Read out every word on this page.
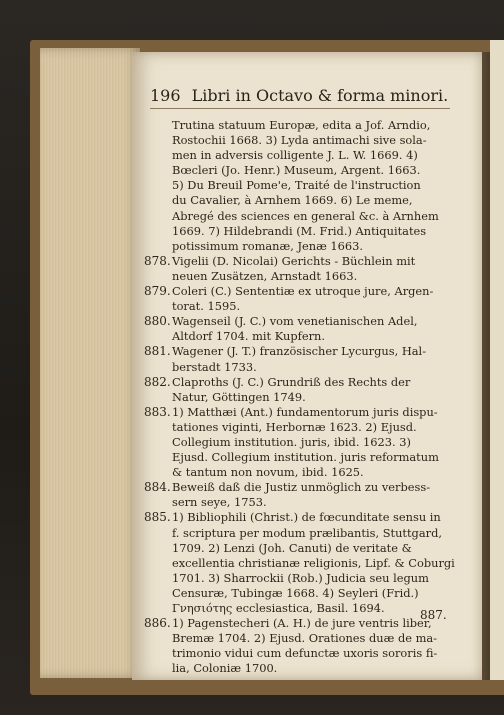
196 Libri in Octavo & forma minori.
Trutina statuum Europæ, edita a Jof. Arndio,
Rostochii 1668. 3) Lyda antimachi sive sola-
men in adversis colligente J. L. W. 1669. 4)
Bœcleri (Jo. Henr.) Museum, Argent. 1663.
5) Du Breuil Pome'e, Traité de l'instruction
du Cavalier, à Arnhem 1669. 6) Le meme,
Abregé des sciences en general &c. à Arnhem
1669. 7) Hildebrandi (M. Frid.) Antiquitates
potissimum romanæ, Jenæ 1663.
878. Vigelii (D. Nicolai) Gerichts - Büchlein mit
neuen Zusätzen, Arnstadt 1663.
879. Coleri (C.) Sententiæ ex utroque jure, Argen-
torat. 1595.
880. Wagenseil (J. C.) vom venetianischen Adel,
Altdorf 1704. mit Kupfern.
881. Wagener (J. T.) französischer Lycurgus, Hal-
berstadt 1733.
882. Claproths (J. C.) Grundriß des Rechts der
Natur, Göttingen 1749.
883. 1) Matthæi (Ant.) fundamentorum juris dispu-
tationes viginti, Herbornæ 1623. 2) Ejusd.
Collegium institution. juris, ibid. 1623. 3)
Ejusd. Collegium institution. juris reformatum
& tantum non novum, ibid. 1625.
884. Beweiß daß die Justiz unmöglich zu verbess-
sern seye, 1753.
885. 1) Bibliophili (Christ.) de fœcunditate sensu in
f. scriptura per modum prælibantis, Stuttgard,
1709. 2) Lenzi (Joh. Canuti) de veritate &
excellentia christianæ religionis, Lipf. & Coburgi
1701. 3) Sharrockii (Rob.) Judicia seu legum
Censuræ, Tubingæ 1668. 4) Seyleri (Frid.)
Γνησιότης ecclesiastica, Basil. 1694.
886. 1) Pagenstecheri (A. H.) de jure ventris liber,
Bremæ 1704. 2) Ejusd. Orationes duæ de ma-
trimonio vidui cum defunctæ uxoris sororis fi-
lia, Coloniæ 1700.
887.
